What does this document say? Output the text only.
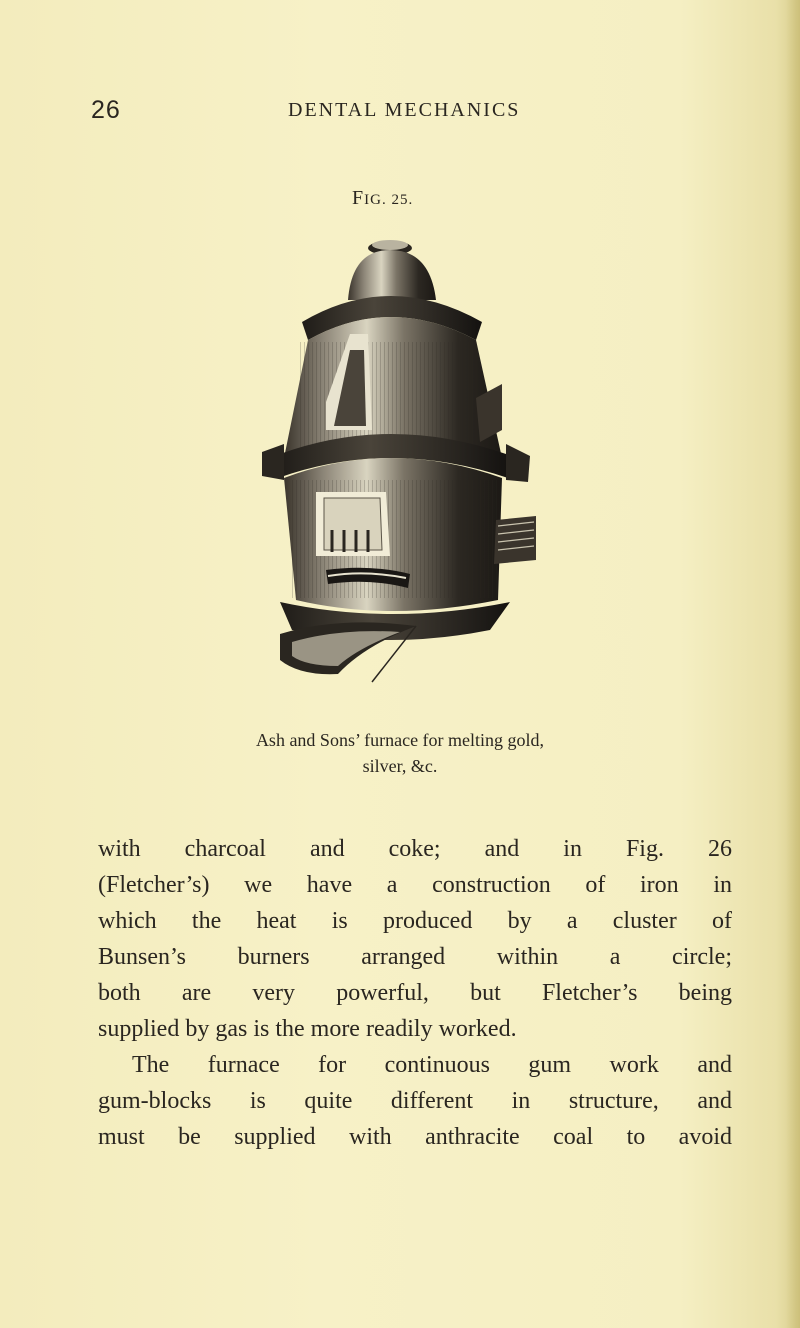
26	DENTAL MECHANICS
FIG. 25.
Ash and Sons’ furnace for melting gold,
silver, &c.
with charcoal and coke; and in Fig. 26
(Fletcher’s) we have a construction of iron in
which the heat is produced by a cluster of
Bunsen’s burners arranged within a circle;
both are very powerful, but Fletcher’s being
supplied by gas is the more readily worked.
The furnace for continuous gum work and
gum-blocks is quite different in structure, and
must be supplied with anthracite coal to avoid
